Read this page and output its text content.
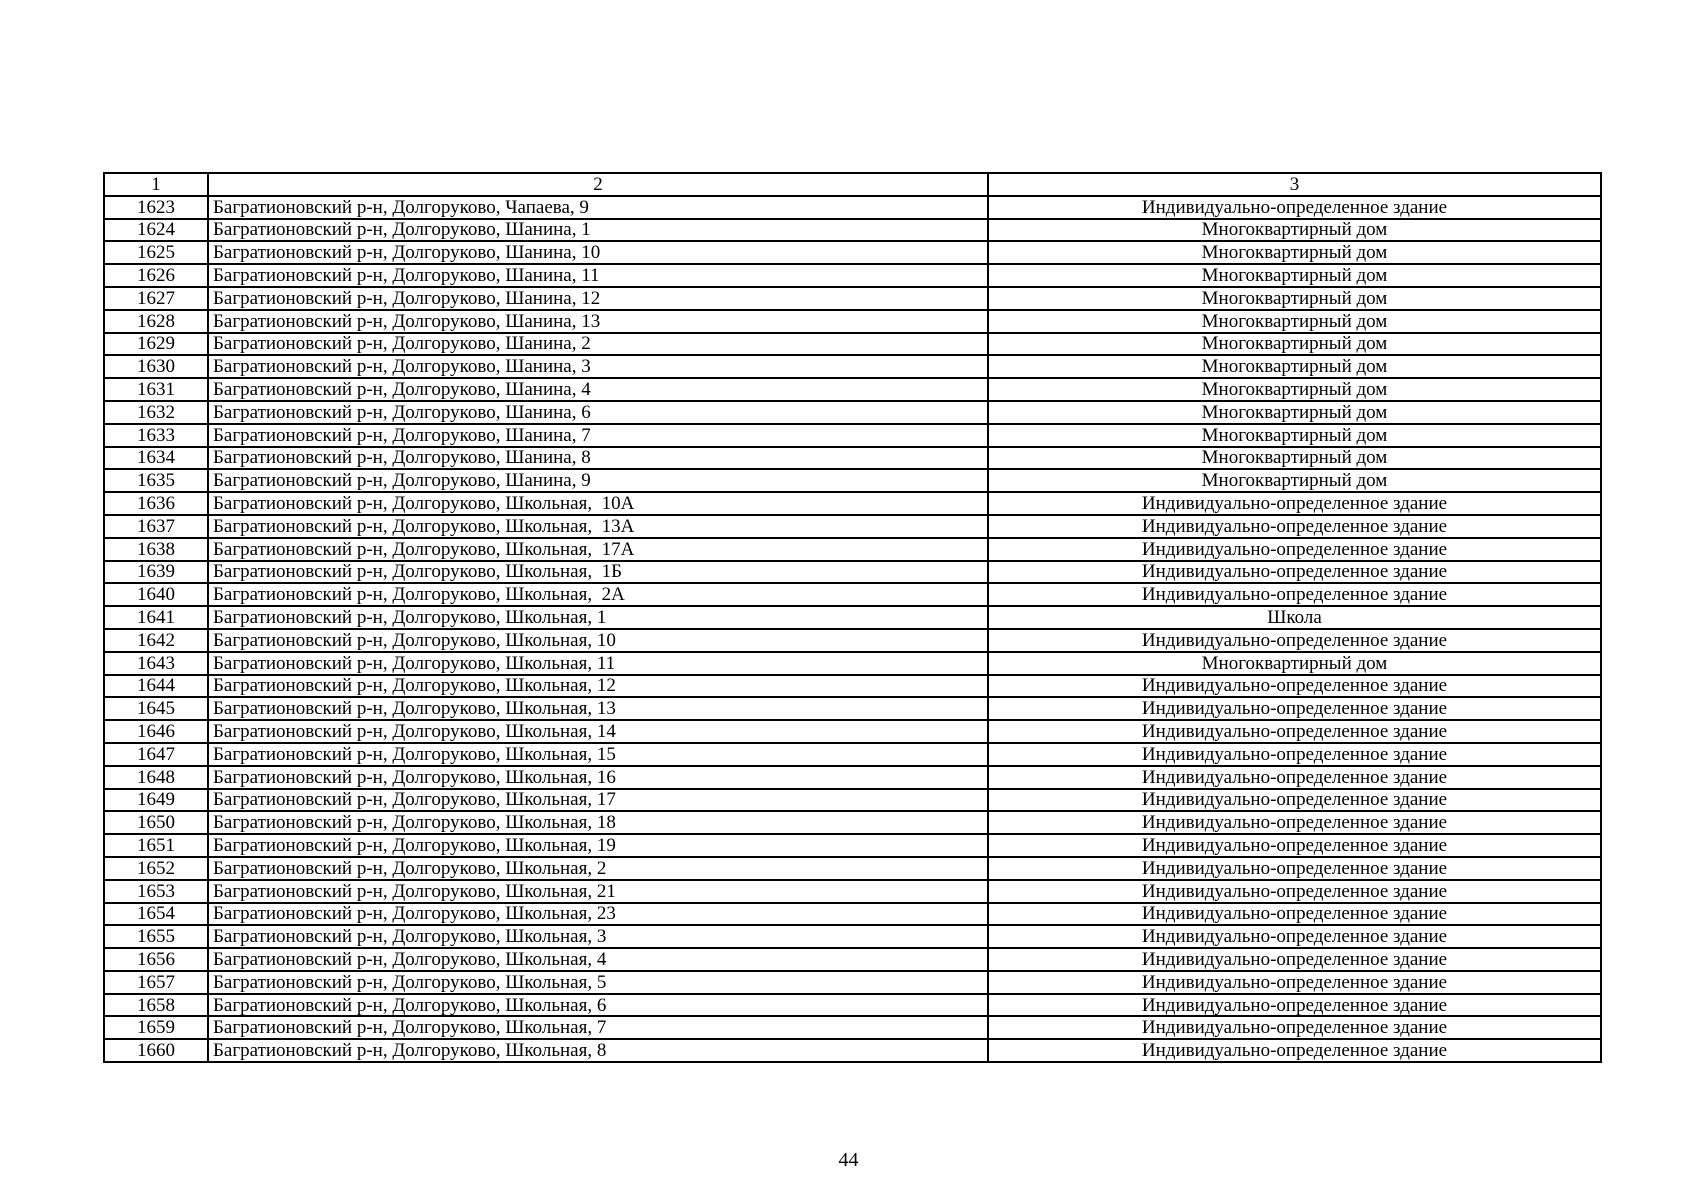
1	2	3
1623	Багратионовский р-н, Долгоруково, Чапаева, 9	Индивидуально-определенное здание
1624	Багратионовский р-н, Долгоруково, Шанина, 1	Многоквартирный дом
1625	Багратионовский р-н, Долгоруково, Шанина, 10	Многоквартирный дом
1626	Багратионовский р-н, Долгоруково, Шанина, 11	Многоквартирный дом
1627	Багратионовский р-н, Долгоруково, Шанина, 12	Многоквартирный дом
1628	Багратионовский р-н, Долгоруково, Шанина, 13	Многоквартирный дом
1629	Багратионовский р-н, Долгоруково, Шанина, 2	Многоквартирный дом
1630	Багратионовский р-н, Долгоруково, Шанина, 3	Многоквартирный дом
1631	Багратионовский р-н, Долгоруково, Шанина, 4	Многоквартирный дом
1632	Багратионовский р-н, Долгоруково, Шанина, 6	Многоквартирный дом
1633	Багратионовский р-н, Долгоруково, Шанина, 7	Многоквартирный дом
1634	Багратионовский р-н, Долгоруково, Шанина, 8	Многоквартирный дом
1635	Багратионовский р-н, Долгоруково, Шанина, 9	Многоквартирный дом
1636	Багратионовский р-н, Долгоруково, Школьная,  10А	Индивидуально-определенное здание
1637	Багратионовский р-н, Долгоруково, Школьная,  13А	Индивидуально-определенное здание
1638	Багратионовский р-н, Долгоруково, Школьная,  17А	Индивидуально-определенное здание
1639	Багратионовский р-н, Долгоруково, Школьная,  1Б	Индивидуально-определенное здание
1640	Багратионовский р-н, Долгоруково, Школьная,  2А	Индивидуально-определенное здание
1641	Багратионовский р-н, Долгоруково, Школьная, 1	Школа
1642	Багратионовский р-н, Долгоруково, Школьная, 10	Индивидуально-определенное здание
1643	Багратионовский р-н, Долгоруково, Школьная, 11	Многоквартирный дом
1644	Багратионовский р-н, Долгоруково, Школьная, 12	Индивидуально-определенное здание
1645	Багратионовский р-н, Долгоруково, Школьная, 13	Индивидуально-определенное здание
1646	Багратионовский р-н, Долгоруково, Школьная, 14	Индивидуально-определенное здание
1647	Багратионовский р-н, Долгоруково, Школьная, 15	Индивидуально-определенное здание
1648	Багратионовский р-н, Долгоруково, Школьная, 16	Индивидуально-определенное здание
1649	Багратионовский р-н, Долгоруково, Школьная, 17	Индивидуально-определенное здание
1650	Багратионовский р-н, Долгоруково, Школьная, 18	Индивидуально-определенное здание
1651	Багратионовский р-н, Долгоруково, Школьная, 19	Индивидуально-определенное здание
1652	Багратионовский р-н, Долгоруково, Школьная, 2	Индивидуально-определенное здание
1653	Багратионовский р-н, Долгоруково, Школьная, 21	Индивидуально-определенное здание
1654	Багратионовский р-н, Долгоруково, Школьная, 23	Индивидуально-определенное здание
1655	Багратионовский р-н, Долгоруково, Школьная, 3	Индивидуально-определенное здание
1656	Багратионовский р-н, Долгоруково, Школьная, 4	Индивидуально-определенное здание
1657	Багратионовский р-н, Долгоруково, Школьная, 5	Индивидуально-определенное здание
1658	Багратионовский р-н, Долгоруково, Школьная, 6	Индивидуально-определенное здание
1659	Багратионовский р-н, Долгоруково, Школьная, 7	Индивидуально-определенное здание
1660	Багратионовский р-н, Долгоруково, Школьная, 8	Индивидуально-определенное здание
44
